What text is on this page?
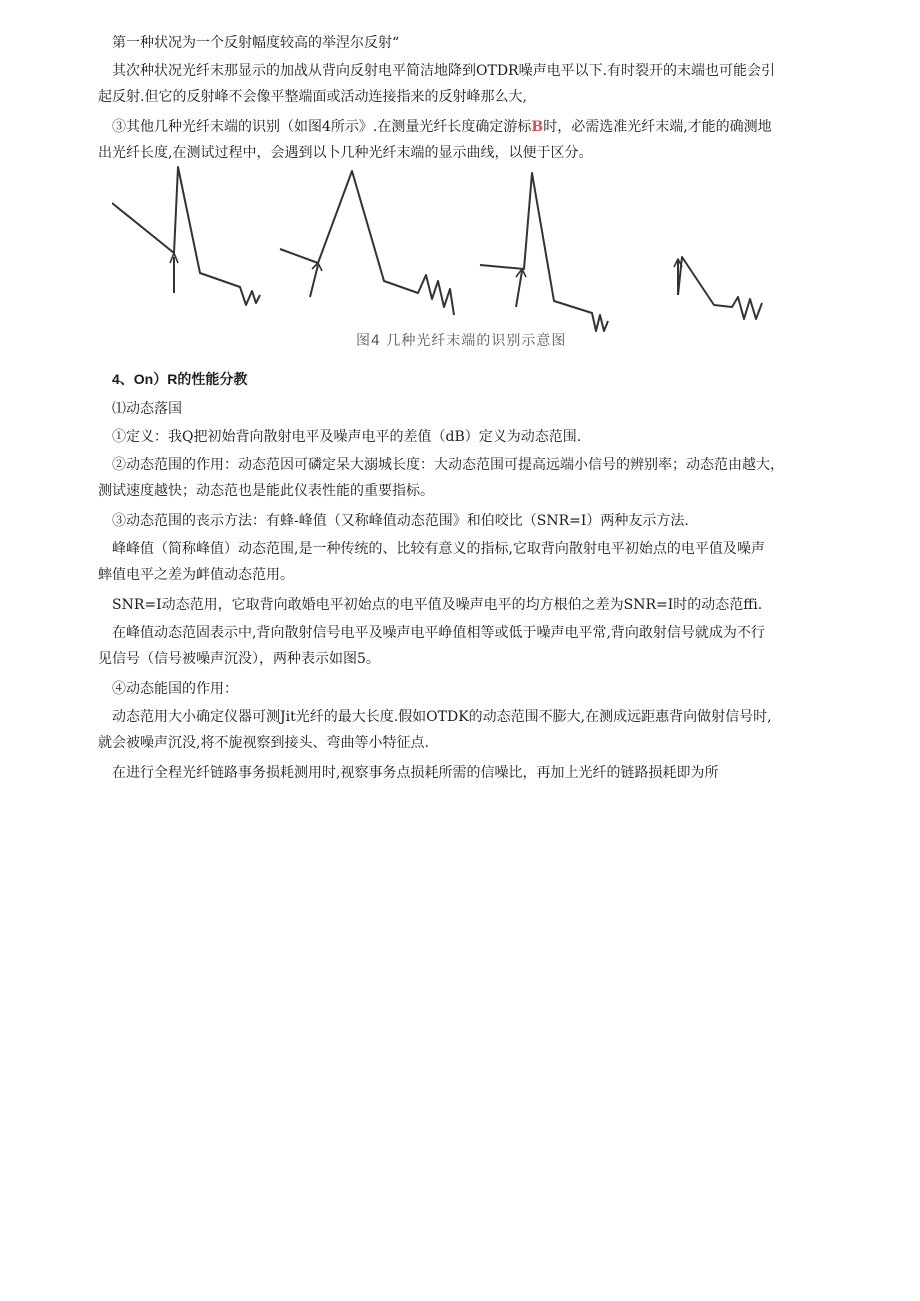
第一种状况为一个反射幅度较高的举涅尔反射“

其次种状况光纤末那显示的加战从背向反射电平简洁地降到OTDR噪声电平以下.有时裂开的末端也可能会引
起反射.但它的反射峰不会像平整端面或活动连接指来的反射峰那么大,

③其他几种光纤末端的识别（如图4所示》.在测量光纤长度确定游标B时，必需选准光纤末端,才能的确测地
出光纤长度,在测试过程中，会遇到以卜几种光纤末端的显示曲线，以便于区分。

图4 几种光纤末端的识别示意图

4、On）R的性能分教

⑴动态落国

①定义：我Q把初始背向散射电平及噪声电平的差值（dB）定义为动态范围.

②动态范围的作用：动态范因可磷定呆大溺城长度：大动态范围可提高远端小信号的辨别率；动态范由越大，
测试速度越快；动态范也是能此仪表性能的重要指标。

③动态范围的丧示方法：有蜂-峰值（又称峰值动态范围》和伯咬比（SNR=I）两种友示方法.

峰峰值（简称峰值）动态范围,是一种传统的、比较有意义的指标,它取背向散射电平初始点的电平值及噪声
蟀值电平之差为衅值动态范用。

SNR=I动态范用，它取背向敢婚电平初始点的电平值及噪声电平的均方根伯之差为SNR=I时的动态范ffi.

在峰值动态范固表示中,背向散射信号电平及噪声电平峥值相等或低于噪声电平常,背向敢射信号就成为不行
见信号（信号被噪声沉没），两种表示如图5。

④动态能国的作用：

动态范用大小确定仪器可测Jit光纤的最大长度.假如OTDK的动态范围不膨大,在测成远距惠背向做射信号时,
就会被噪声沉没,将不旎视察到接头、弯曲等小特征点.

在进行全程光纤链路事务损耗测用时,视察事务点损耗所需的信噪比，再加上光纤的链路损耗即为所
